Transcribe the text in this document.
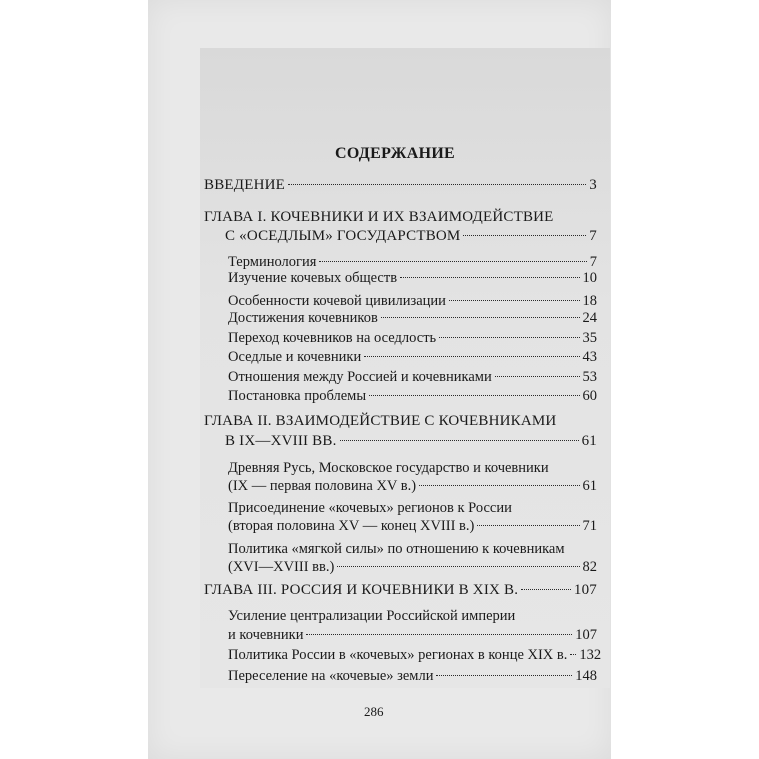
СОДЕРЖАНИЕ
ВВЕДЕНИЕ	3
ГЛАВА I. КОЧЕВНИКИ И ИХ ВЗАИМОДЕЙСТВИЕ
С «ОСЕДЛЫМ» ГОСУДАРСТВОМ	7
Терминология	7
Изучение кочевых обществ	10
Особенности кочевой цивилизации	18
Достижения кочевников	24
Переход кочевников на оседлость	35
Оседлые и кочевники	43
Отношения между Россией и кочевниками	53
Постановка проблемы	60
ГЛАВА II. ВЗАИМОДЕЙСТВИЕ С КОЧЕВНИКАМИ
В IX—XVIII ВВ.	61
Древняя Русь, Московское государство и кочевники
(IX — первая половина XV в.)	61
Присоединение «кочевых» регионов к России
(вторая половина XV — конец XVIII в.)	71
Политика «мягкой силы» по отношению к кочевникам
(XVI—XVIII вв.)	82
ГЛАВА III. РОССИЯ И КОЧЕВНИКИ В XIX В.	107
Усиление централизации Российской империи
и кочевники	107
Политика России в «кочевых» регионах в конце XIX в. 132
Переселение на «кочевые» земли	148
286
